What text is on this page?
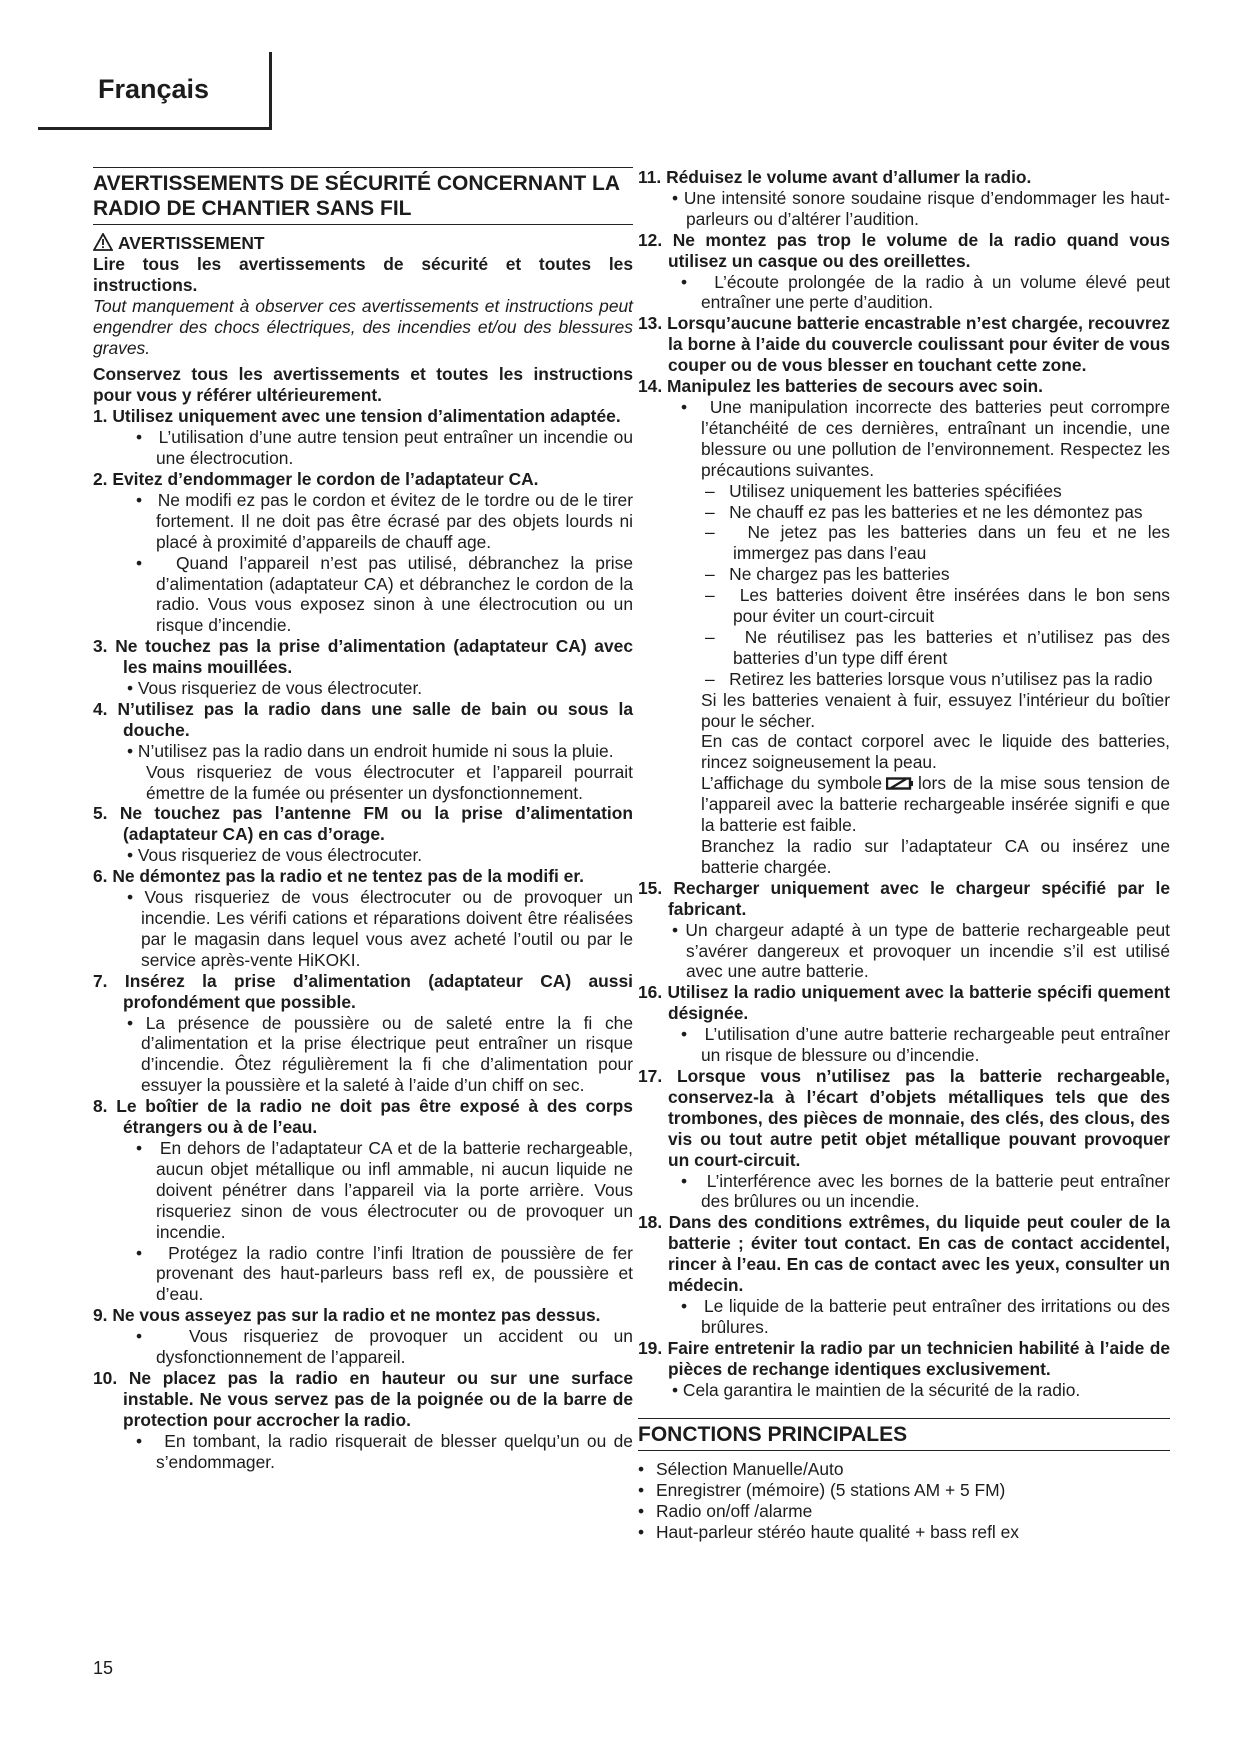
Français
AVERTISSEMENTS DE SÉCURITÉ CONCERNANT LA RADIO DE CHANTIER SANS FIL

AVERTISSEMENT

Lire tous les avertissements de sécurité et toutes les instructions.

Tout manquement à observer ces avertissements et instructions peut engendrer des chocs électriques, des incendies et/ou des blessures graves.

Conservez tous les avertissements et toutes les instructions pour vous y référer ultérieurement.

1. Utilisez uniquement avec une tension d’alimentation adaptée.

•   L’utilisation d’une autre tension peut entraîner un incendie ou une électrocution.

2. Evitez d’endommager le cordon de l’adaptateur CA.

•   Ne modifi ez pas le cordon et évitez de le tordre ou de le tirer fortement. Il ne doit pas être écrasé par des objets lourds ni placé à proximité d’appareils de chauff age.

•   Quand l’appareil n’est pas utilisé, débranchez la prise d’alimentation (adaptateur CA) et débranchez le cordon de la radio. Vous vous exposez sinon à une électrocution ou un risque d’incendie.

3. Ne touchez pas la prise d’alimentation (adaptateur CA) avec les mains mouillées.

• Vous risqueriez de vous électrocuter.

4. N’utilisez pas la radio dans une salle de bain ou sous la douche.

• N’utilisez pas la radio dans un endroit humide ni sous la pluie.

Vous risqueriez de vous électrocuter et l’appareil pourrait émettre de la fumée ou présenter un dysfonctionnement.

5. Ne touchez pas l’antenne FM ou la prise d’alimentation (adaptateur CA) en cas d’orage.

• Vous risqueriez de vous électrocuter.

6. Ne démontez pas la radio et ne tentez pas de la modifi er.

• Vous risqueriez de vous électrocuter ou de provoquer un incendie. Les vérifi cations et réparations doivent être réalisées par le magasin dans lequel vous avez acheté l’outil ou par le service après-vente HiKOKI.

7. Insérez la prise d’alimentation (adaptateur CA) aussi profondément que possible.

• La présence de poussière ou de saleté entre la fi che d’alimentation et la prise électrique peut entraîner un risque d’incendie. Ôtez régulièrement la fi che d’alimentation pour essuyer la poussière et la saleté à l’aide d’un chiff on sec.

8. Le boîtier de la radio ne doit pas être exposé à des corps étrangers ou à de l’eau.

•   En dehors de l’adaptateur CA et de la batterie rechargeable, aucun objet métallique ou infl ammable, ni aucun liquide ne doivent pénétrer dans l’appareil via la porte arrière. Vous risqueriez sinon de vous électrocuter ou de provoquer un incendie.

•   Protégez la radio contre l’infi ltration de poussière de fer provenant des haut-parleurs bass refl ex, de poussière et d’eau.

9. Ne vous asseyez pas sur la radio et ne montez pas dessus.

•   Vous risqueriez de provoquer un accident ou un dysfonctionnement de l’appareil.

10. Ne placez pas la radio en hauteur ou sur une surface instable. Ne vous servez pas de la poignée ou de la barre de protection pour accrocher la radio.

•   En tombant, la radio risquerait de blesser quelqu’un ou de s’endommager.

11. Réduisez le volume avant d’allumer la radio.

• Une intensité sonore soudaine risque d’endommager les haut-parleurs ou d’altérer l’audition.

12. Ne montez pas trop le volume de la radio quand vous utilisez un casque ou des oreillettes.

•   L’écoute prolongée de la radio à un volume élevé peut entraîner une perte d’audition.

13. Lorsqu’aucune batterie encastrable n’est chargée, recouvrez la borne à l’aide du couvercle coulissant pour éviter de vous couper ou de vous blesser en touchant cette zone.

14. Manipulez les batteries de secours avec soin.

•   Une manipulation incorrecte des batteries peut corrompre l’étanchéité de ces dernières, entraînant un incendie, une blessure ou une pollution de l’environnement. Respectez les précautions suivantes.

–   Utilisez uniquement les batteries spécifiées

–   Ne chauff ez pas les batteries et ne les démontez pas

–   Ne jetez pas les batteries dans un feu et ne les immergez pas dans l’eau

–   Ne chargez pas les batteries

–   Les batteries doivent être insérées dans le bon sens pour éviter un court-circuit

–   Ne réutilisez pas les batteries et n’utilisez pas des batteries d’un type diff érent

–   Retirez les batteries lorsque vous n’utilisez pas la radio

Si les batteries venaient à fuir, essuyez l’intérieur du boîtier pour le sécher.

En cas de contact corporel avec le liquide des batteries, rincez soigneusement la peau.

L’affichage du symbole lors de la mise sous tension de l’appareil avec la batterie rechargeable insérée signifi e que la batterie est faible.

Branchez la radio sur l’adaptateur CA ou insérez une batterie chargée.

15. Recharger uniquement avec le chargeur spécifié par le fabricant.

• Un chargeur adapté à un type de batterie rechargeable peut s’avérer dangereux et provoquer un incendie s’il est utilisé avec une autre batterie.

16. Utilisez la radio uniquement avec la batterie spécifi quement désignée.

•   L’utilisation d’une autre batterie rechargeable peut entraîner un risque de blessure ou d’incendie.

17. Lorsque vous n’utilisez pas la batterie rechargeable, conservez-la à l’écart d’objets métalliques tels que des trombones, des pièces de monnaie, des clés, des clous, des vis ou tout autre petit objet métallique pouvant provoquer un court-circuit.

•   L’interférence avec les bornes de la batterie peut entraîner des brûlures ou un incendie.

18. Dans des conditions extrêmes, du liquide peut couler de la batterie ; éviter tout contact. En cas de contact accidentel, rincer à l’eau. En cas de contact avec les yeux, consulter un médecin.

•   Le liquide de la batterie peut entraîner des irritations ou des brûlures.

19. Faire entretenir la radio par un technicien habilité à l’aide de pièces de rechange identiques exclusivement.

• Cela garantira le maintien de la sécurité de la radio.

FONCTIONS PRINCIPALES
• Sélection Manuelle/Auto
• Enregistrer (mémoire) (5 stations AM + 5 FM)
• Radio on/off /alarme
• Haut-parleur stéréo haute qualité + bass refl ex
15
